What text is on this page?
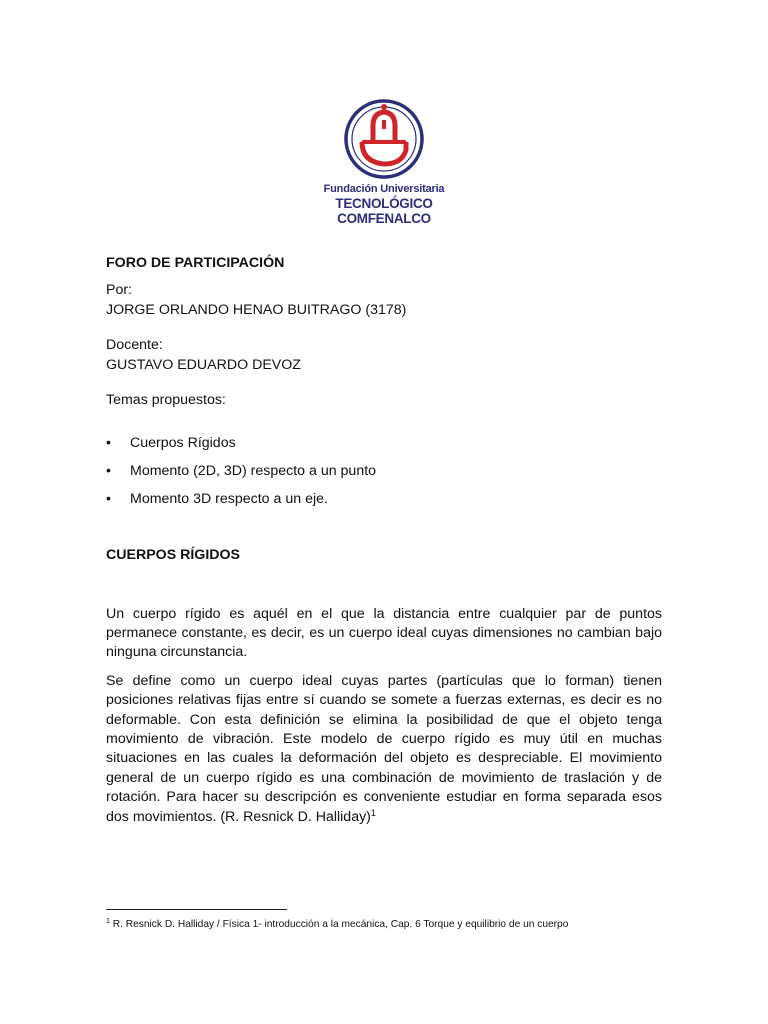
Fundación Universitaria
TECNOLÓGICO COMFENALCO

FORO DE PARTICIPACIÓN

Por:

JORGE ORLANDO HENAO BUITRAGO (3178)

Docente:

GUSTAVO EDUARDO DEVOZ

Temas propuestos:

• Cuerpos Rígidos
• Momento (2D, 3D) respecto a un punto
• Momento 3D respecto a un eje.

CUERPOS RÍGIDOS

Un cuerpo rígido es aquél en el que la distancia entre cualquier par de puntos permanece constante, es decir, es un cuerpo ideal cuyas dimensiones no cambian bajo ninguna circunstancia.

Se define como un cuerpo ideal cuyas partes (partículas que lo forman) tienen posiciones relativas fijas entre sí cuando se somete a fuerzas externas, es decir es no deformable. Con esta definición se elimina la posibilidad de que el objeto tenga movimiento de vibración. Este modelo de cuerpo rígido es muy útil en muchas situaciones en las cuales la deformación del objeto es despreciable. El movimiento general de un cuerpo rígido es una combinación de movimiento de traslación y de rotación. Para hacer su descripción es conveniente estudiar en forma separada esos dos movimientos. (R. Resnick D. Halliday)$^1$

$^1$ R. Resnick D. Halliday / Física 1- introducción a la mecánica, Cap. 6 Torque y equilibrio de un cuerpo
